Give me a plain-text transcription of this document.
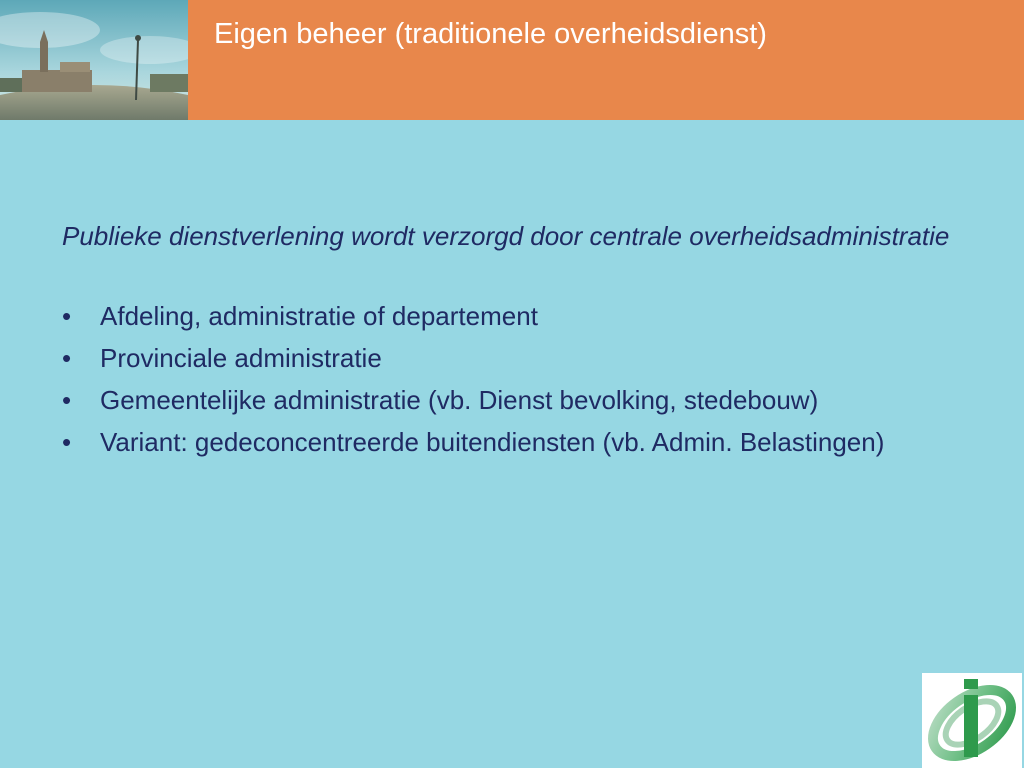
Eigen beheer (traditionele overheidsdienst)

Publieke dienstverlening wordt verzorgd door centrale overheidsadministratie

• Afdeling, administratie of departement
• Provinciale administratie
• Gemeentelijke administratie (vb. Dienst bevolking, stedebouw)
• Variant: gedeconcentreerde buitendiensten (vb. Admin. Belastingen)
